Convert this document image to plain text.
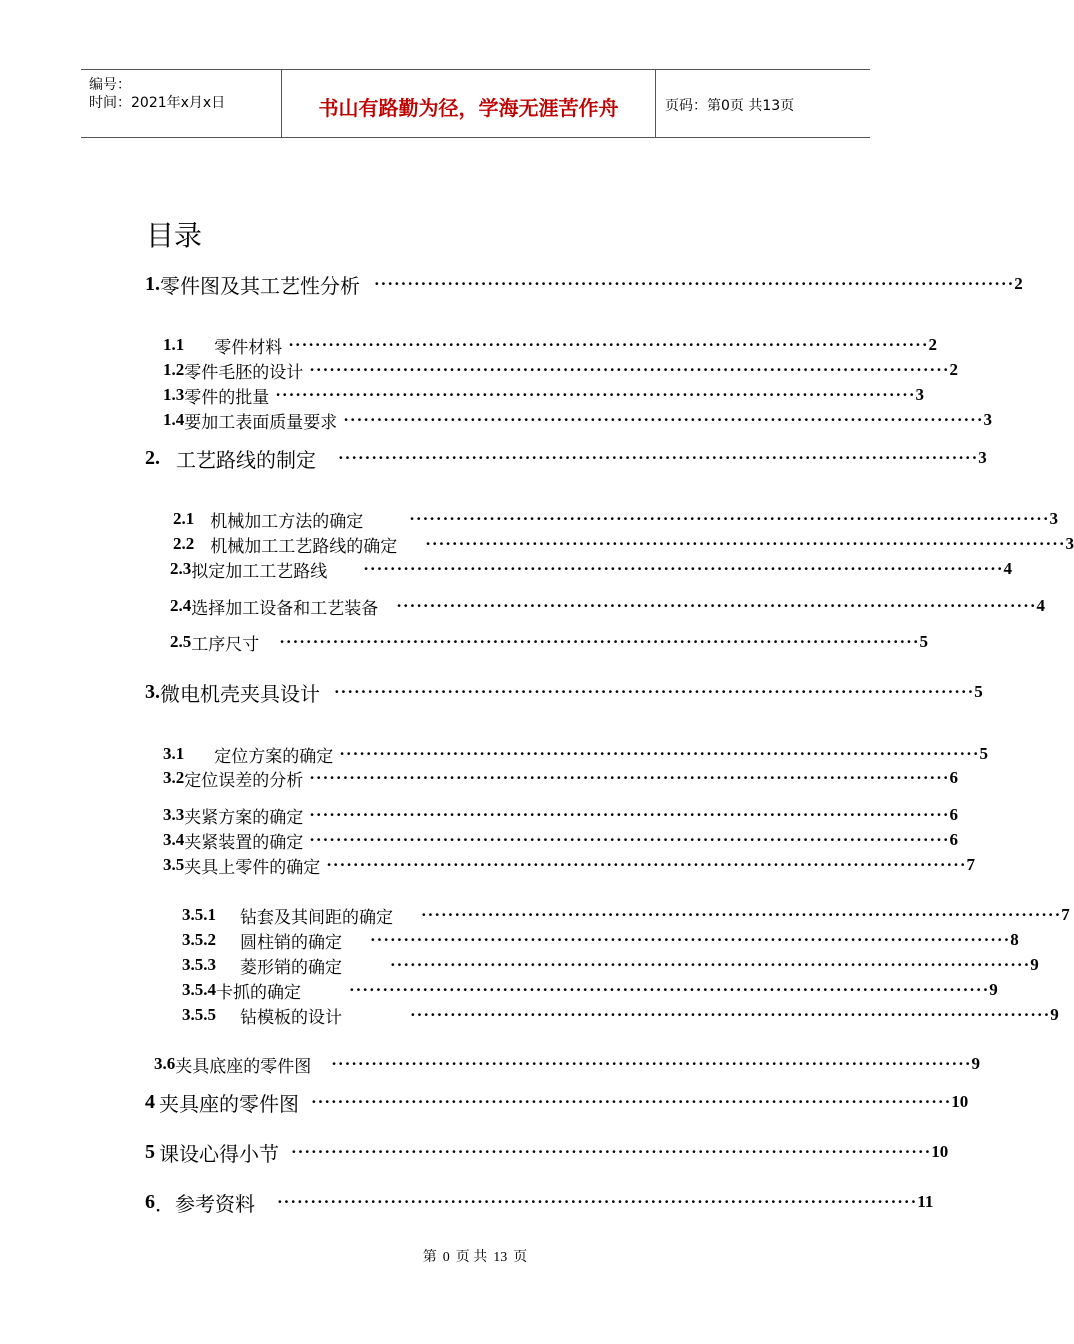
编号：
时间：2021年x月x日	书山有路勤为径，学海无涯苦作舟	页码：第0页 共13页
目录
1. 零件图及其工艺性分析 ································································································ 2
1.1 零件材料 ································································································ 2
1.2 零件毛胚的设计 ································································································ 2
1.3 零件的批量 ································································································ 3
1.4 要加工表面质量要求 ································································································ 3
2. 工艺路线的制定 ································································································ 3
2.1 机械加工方法的确定	································································································ 3
2.2 机械加工工艺路线的确定 ································································································ 3
2.3 拟定加工工艺路线 ································································································ 4
2.4 选择加工设备和工艺装备 ································································································ 4
2.5 工序尺寸 ································································································ 5
3. 微电机壳夹具设计 ································································································ 5
3.1 定位方案的确定 ································································································ 5
3.2 定位误差的分析 ································································································ 6
3.3 夹紧方案的确定 ································································································ 6
3.4 夹紧装置的确定 ································································································ 6
3.5 夹具上零件的确定 ································································································ 7
3.5.1 钻套及其间距的确定 ································································································ 7
3.5.2 圆柱销的确定 ································································································ 8
3.5.3 菱形销的确定	································································································ 9
3.5.4 卡抓的确定	································································································ 9
3.5.5 钻模板的设计	································································································ 9
3.6 夹具底座的零件图 ································································································ 9
4 夹具座的零件图 ································································································ 10
5 课设心得小节 ································································································ 10
6 ．参考资料 ································································································ 11
第 0 页 共 13 页
